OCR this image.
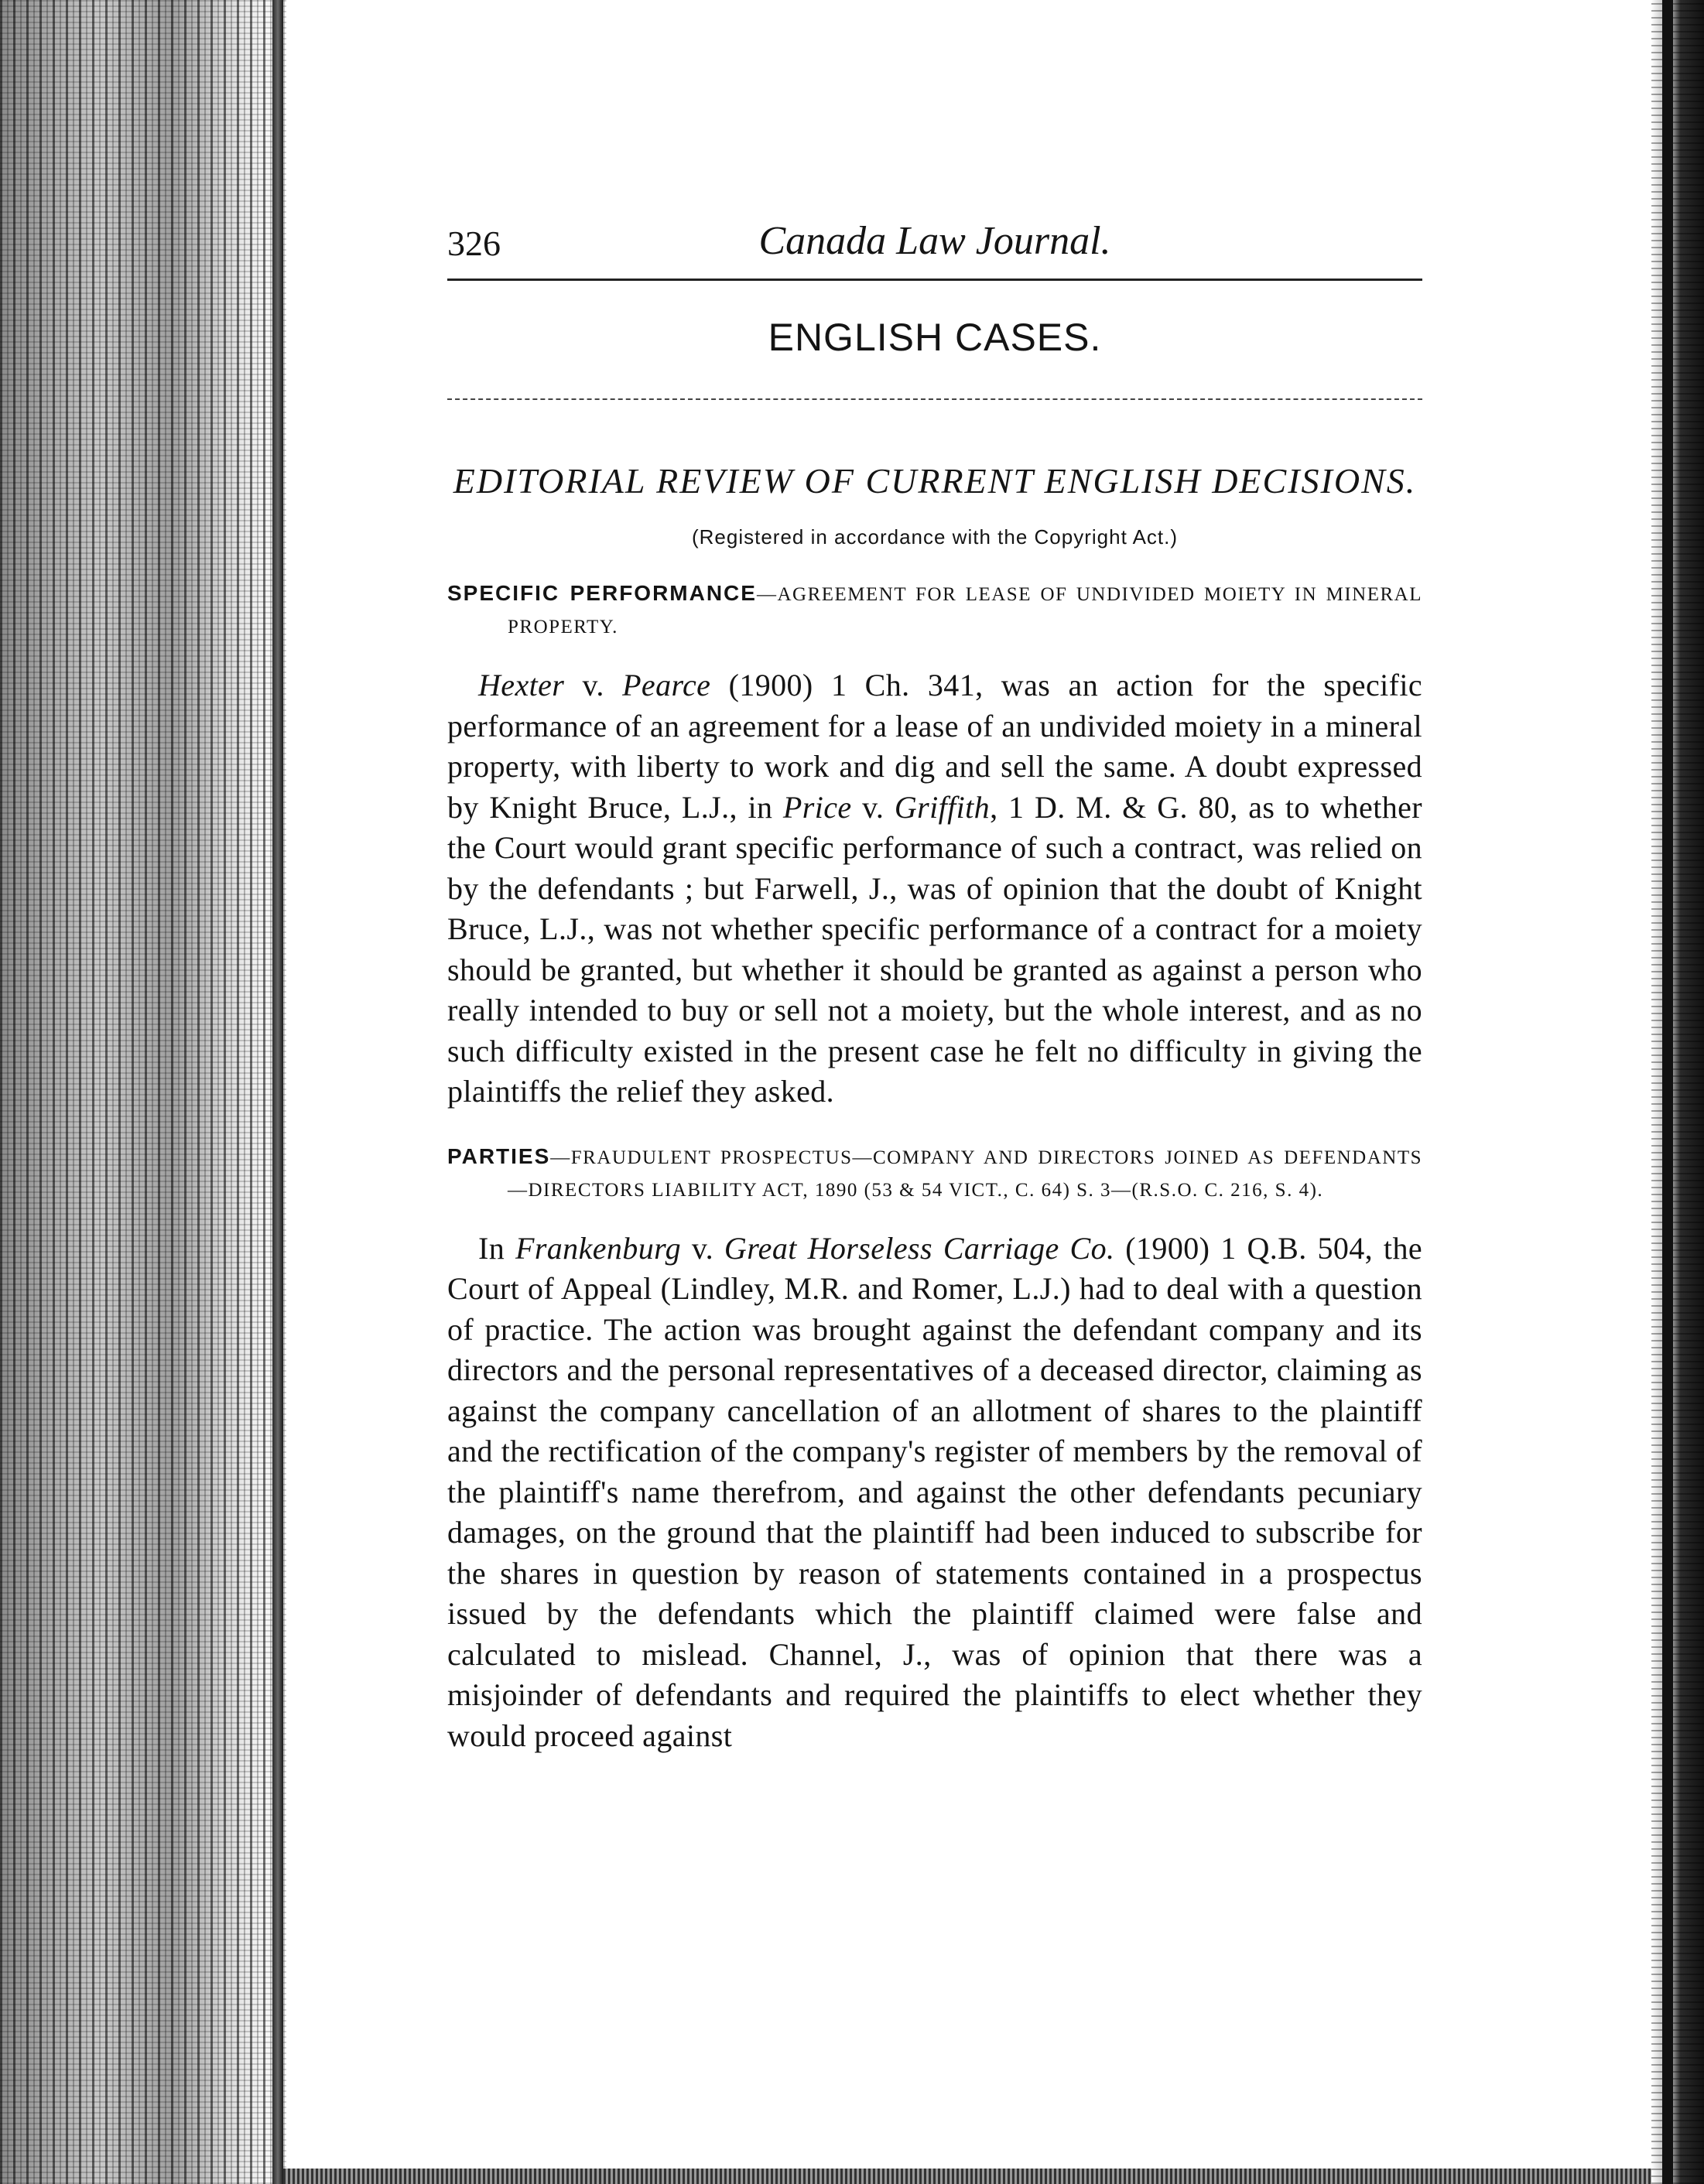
326	Canada Law Journal.
ENGLISH CASES.
EDITORIAL REVIEW OF CURRENT ENGLISH DECISIONS.
(Registered in accordance with the Copyright Act.)
SPECIFIC PERFORMANCE—AGREEMENT FOR LEASE OF UNDIVIDED MOIETY IN MINERAL PROPERTY.
Hexter v. Pearce (1900) 1 Ch. 341, was an action for the specific performance of an agreement for a lease of an undivided moiety in a mineral property, with liberty to work and dig and sell the same. A doubt expressed by Knight Bruce, L.J., in Price v. Griffith, 1 D. M. & G. 80, as to whether the Court would grant specific performance of such a contract, was relied on by the defendants ; but Farwell, J., was of opinion that the doubt of Knight Bruce, L.J., was not whether specific performance of a contract for a moiety should be granted, but whether it should be granted as against a person who really intended to buy or sell not a moiety, but the whole interest, and as no such difficulty existed in the present case he felt no difficulty in giving the plaintiffs the relief they asked.
PARTIES—FRAUDULENT PROSPECTUS—COMPANY AND DIRECTORS JOINED AS DEFENDANTS—DIRECTORS LIABILITY ACT, 1890 (53 & 54 VICT., C. 64) S. 3—(R.S.O. C. 216, S. 4).
In Frankenburg v. Great Horseless Carriage Co. (1900) 1 Q.B. 504, the Court of Appeal (Lindley, M.R. and Romer, L.J.) had to deal with a question of practice. The action was brought against the defendant company and its directors and the personal representatives of a deceased director, claiming as against the company cancellation of an allotment of shares to the plaintiff and the rectification of the company's register of members by the removal of the plaintiff's name therefrom, and against the other defendants pecuniary damages, on the ground that the plaintiff had been induced to subscribe for the shares in question by reason of statements contained in a prospectus issued by the defendants which the plaintiff claimed were false and calculated to mislead. Channel, J., was of opinion that there was a misjoinder of defendants and required the plaintiffs to elect whether they would proceed against
